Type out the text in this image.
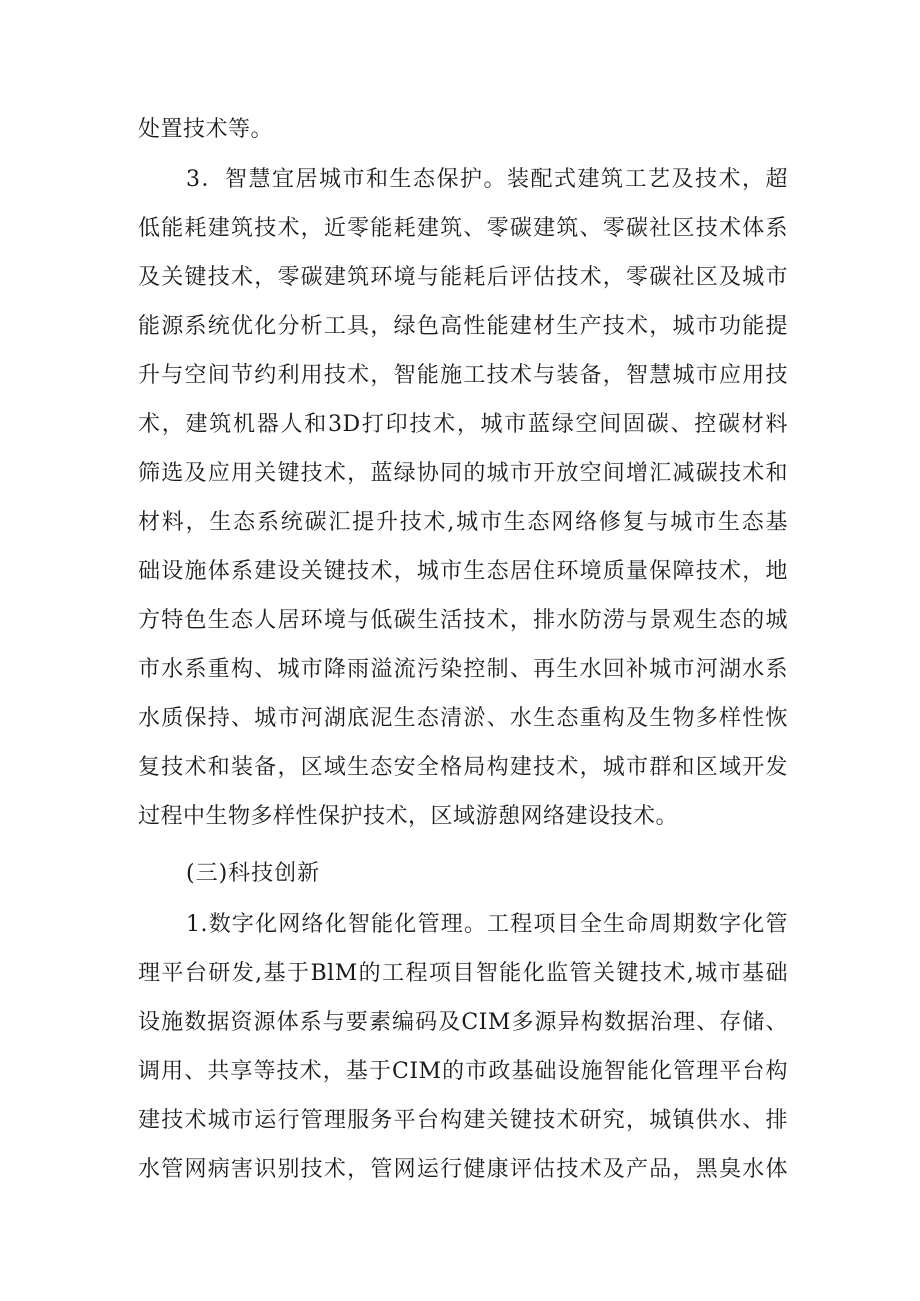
处置技术等。
3．智慧宜居城市和生态保护。装配式建筑工艺及技术，超
低能耗建筑技术，近零能耗建筑、零碳建筑、零碳社区技术体系
及关键技术，零碳建筑环境与能耗后评估技术，零碳社区及城市
能源系统优化分析工具，绿色高性能建材生产技术，城市功能提
升与空间节约利用技术，智能施工技术与装备，智慧城市应用技
术，建筑机器人和3D打印技术，城市蓝绿空间固碳、控碳材料
筛选及应用关键技术，蓝绿协同的城市开放空间增汇减碳技术和
材料，生态系统碳汇提升技术,城市生态网络修复与城市生态基
础设施体系建设关键技术，城市生态居住环境质量保障技术，地
方特色生态人居环境与低碳生活技术，排水防涝与景观生态的城
市水系重构、城市降雨溢流污染控制、再生水回补城市河湖水系
水质保持、城市河湖底泥生态清淤、水生态重构及生物多样性恢
复技术和装备，区域生态安全格局构建技术，城市群和区域开发
过程中生物多样性保护技术，区域游憩网络建设技术。
(三)科技创新
1.数字化网络化智能化管理。工程项目全生命周期数字化管
理平台研发,基于BlM的工程项目智能化监管关键技术,城市基础
设施数据资源体系与要素编码及CIM多源异构数据治理、存储、
调用、共享等技术，基于CIM的市政基础设施智能化管理平台构
建技术城市运行管理服务平台构建关键技术研究，城镇供水、排
水管网病害识别技术，管网运行健康评估技术及产品，黑臭水体
